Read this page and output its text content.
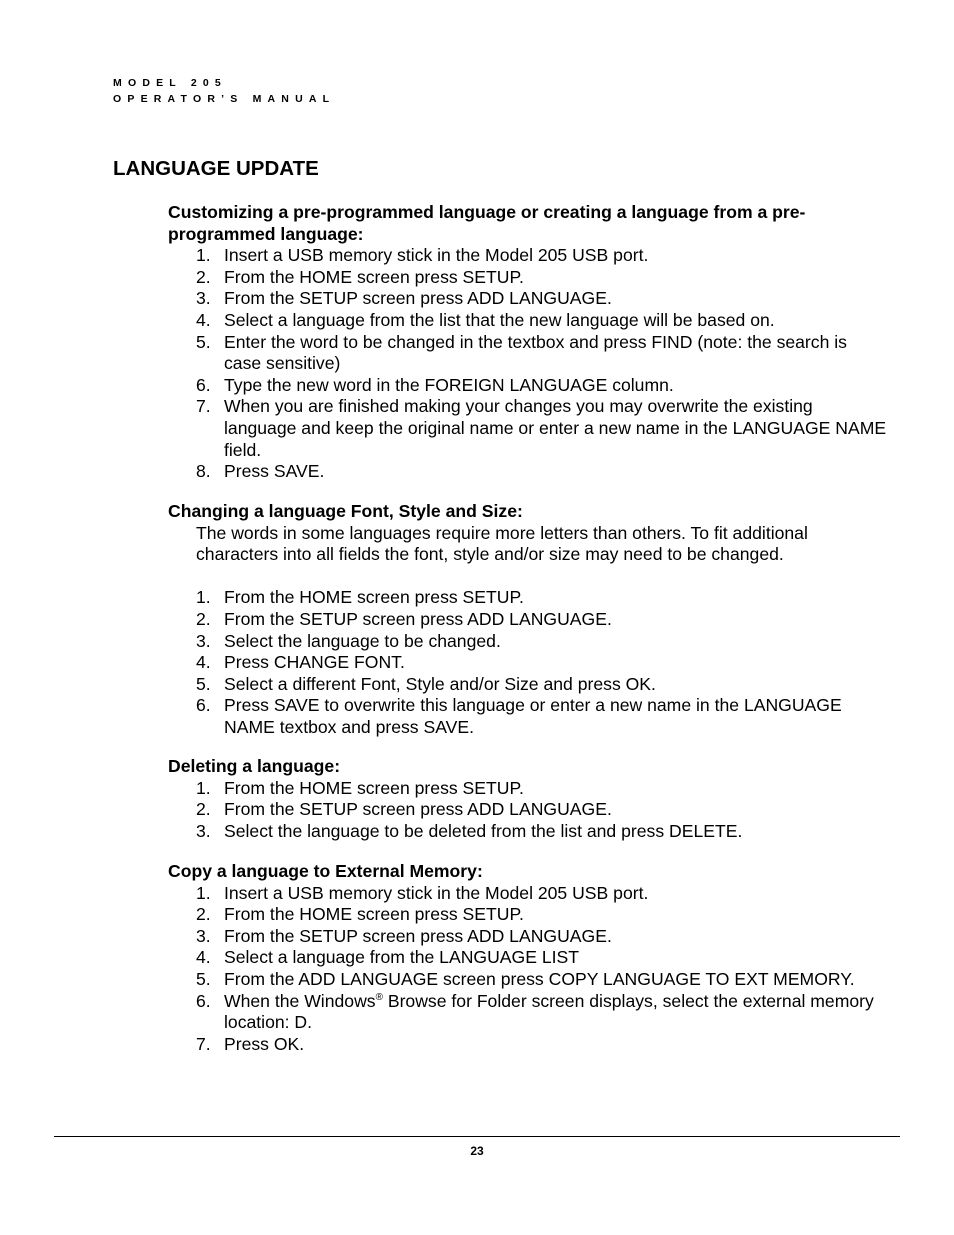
MODEL 205
OPERATOR’S MANUAL
LANGUAGE UPDATE
Customizing a pre-programmed language or creating a language from a pre-programmed language:
1. Insert a USB memory stick in the Model 205 USB port.
2. From the HOME screen press SETUP.
3. From the SETUP screen press ADD LANGUAGE.
4. Select a language from the list that the new language will be based on.
5. Enter the word to be changed in the textbox and press FIND (note: the search is case sensitive)
6. Type the new word in the FOREIGN LANGUAGE column.
7. When you are finished making your changes you may overwrite the existing language and keep the original name or enter a new name in the LANGUAGE NAME field.
8. Press SAVE.
Changing a language Font, Style and Size:

The words in some languages require more letters than others. To fit additional characters into all fields the font, style and/or size may need to be changed.

1. From the HOME screen press SETUP.
2. From the SETUP screen press ADD LANGUAGE.
3. Select the language to be changed.
4. Press CHANGE FONT.
5. Select a different Font, Style and/or Size and press OK.
6. Press SAVE to overwrite this language or enter a new name in the LANGUAGE NAME textbox and press SAVE.
Deleting a language:
1. From the HOME screen press SETUP.
2. From the SETUP screen press ADD LANGUAGE.
3. Select the language to be deleted from the list and press DELETE.
Copy a language to External Memory:
1. Insert a USB memory stick in the Model 205 USB port.
2. From the HOME screen press SETUP.
3. From the SETUP screen press ADD LANGUAGE.
4. Select a language from the LANGUAGE LIST
5. From the ADD LANGUAGE screen press COPY LANGUAGE TO EXT MEMORY.
6. When the Windows® Browse for Folder screen displays, select the external memory location: D.
7. Press OK.
23
